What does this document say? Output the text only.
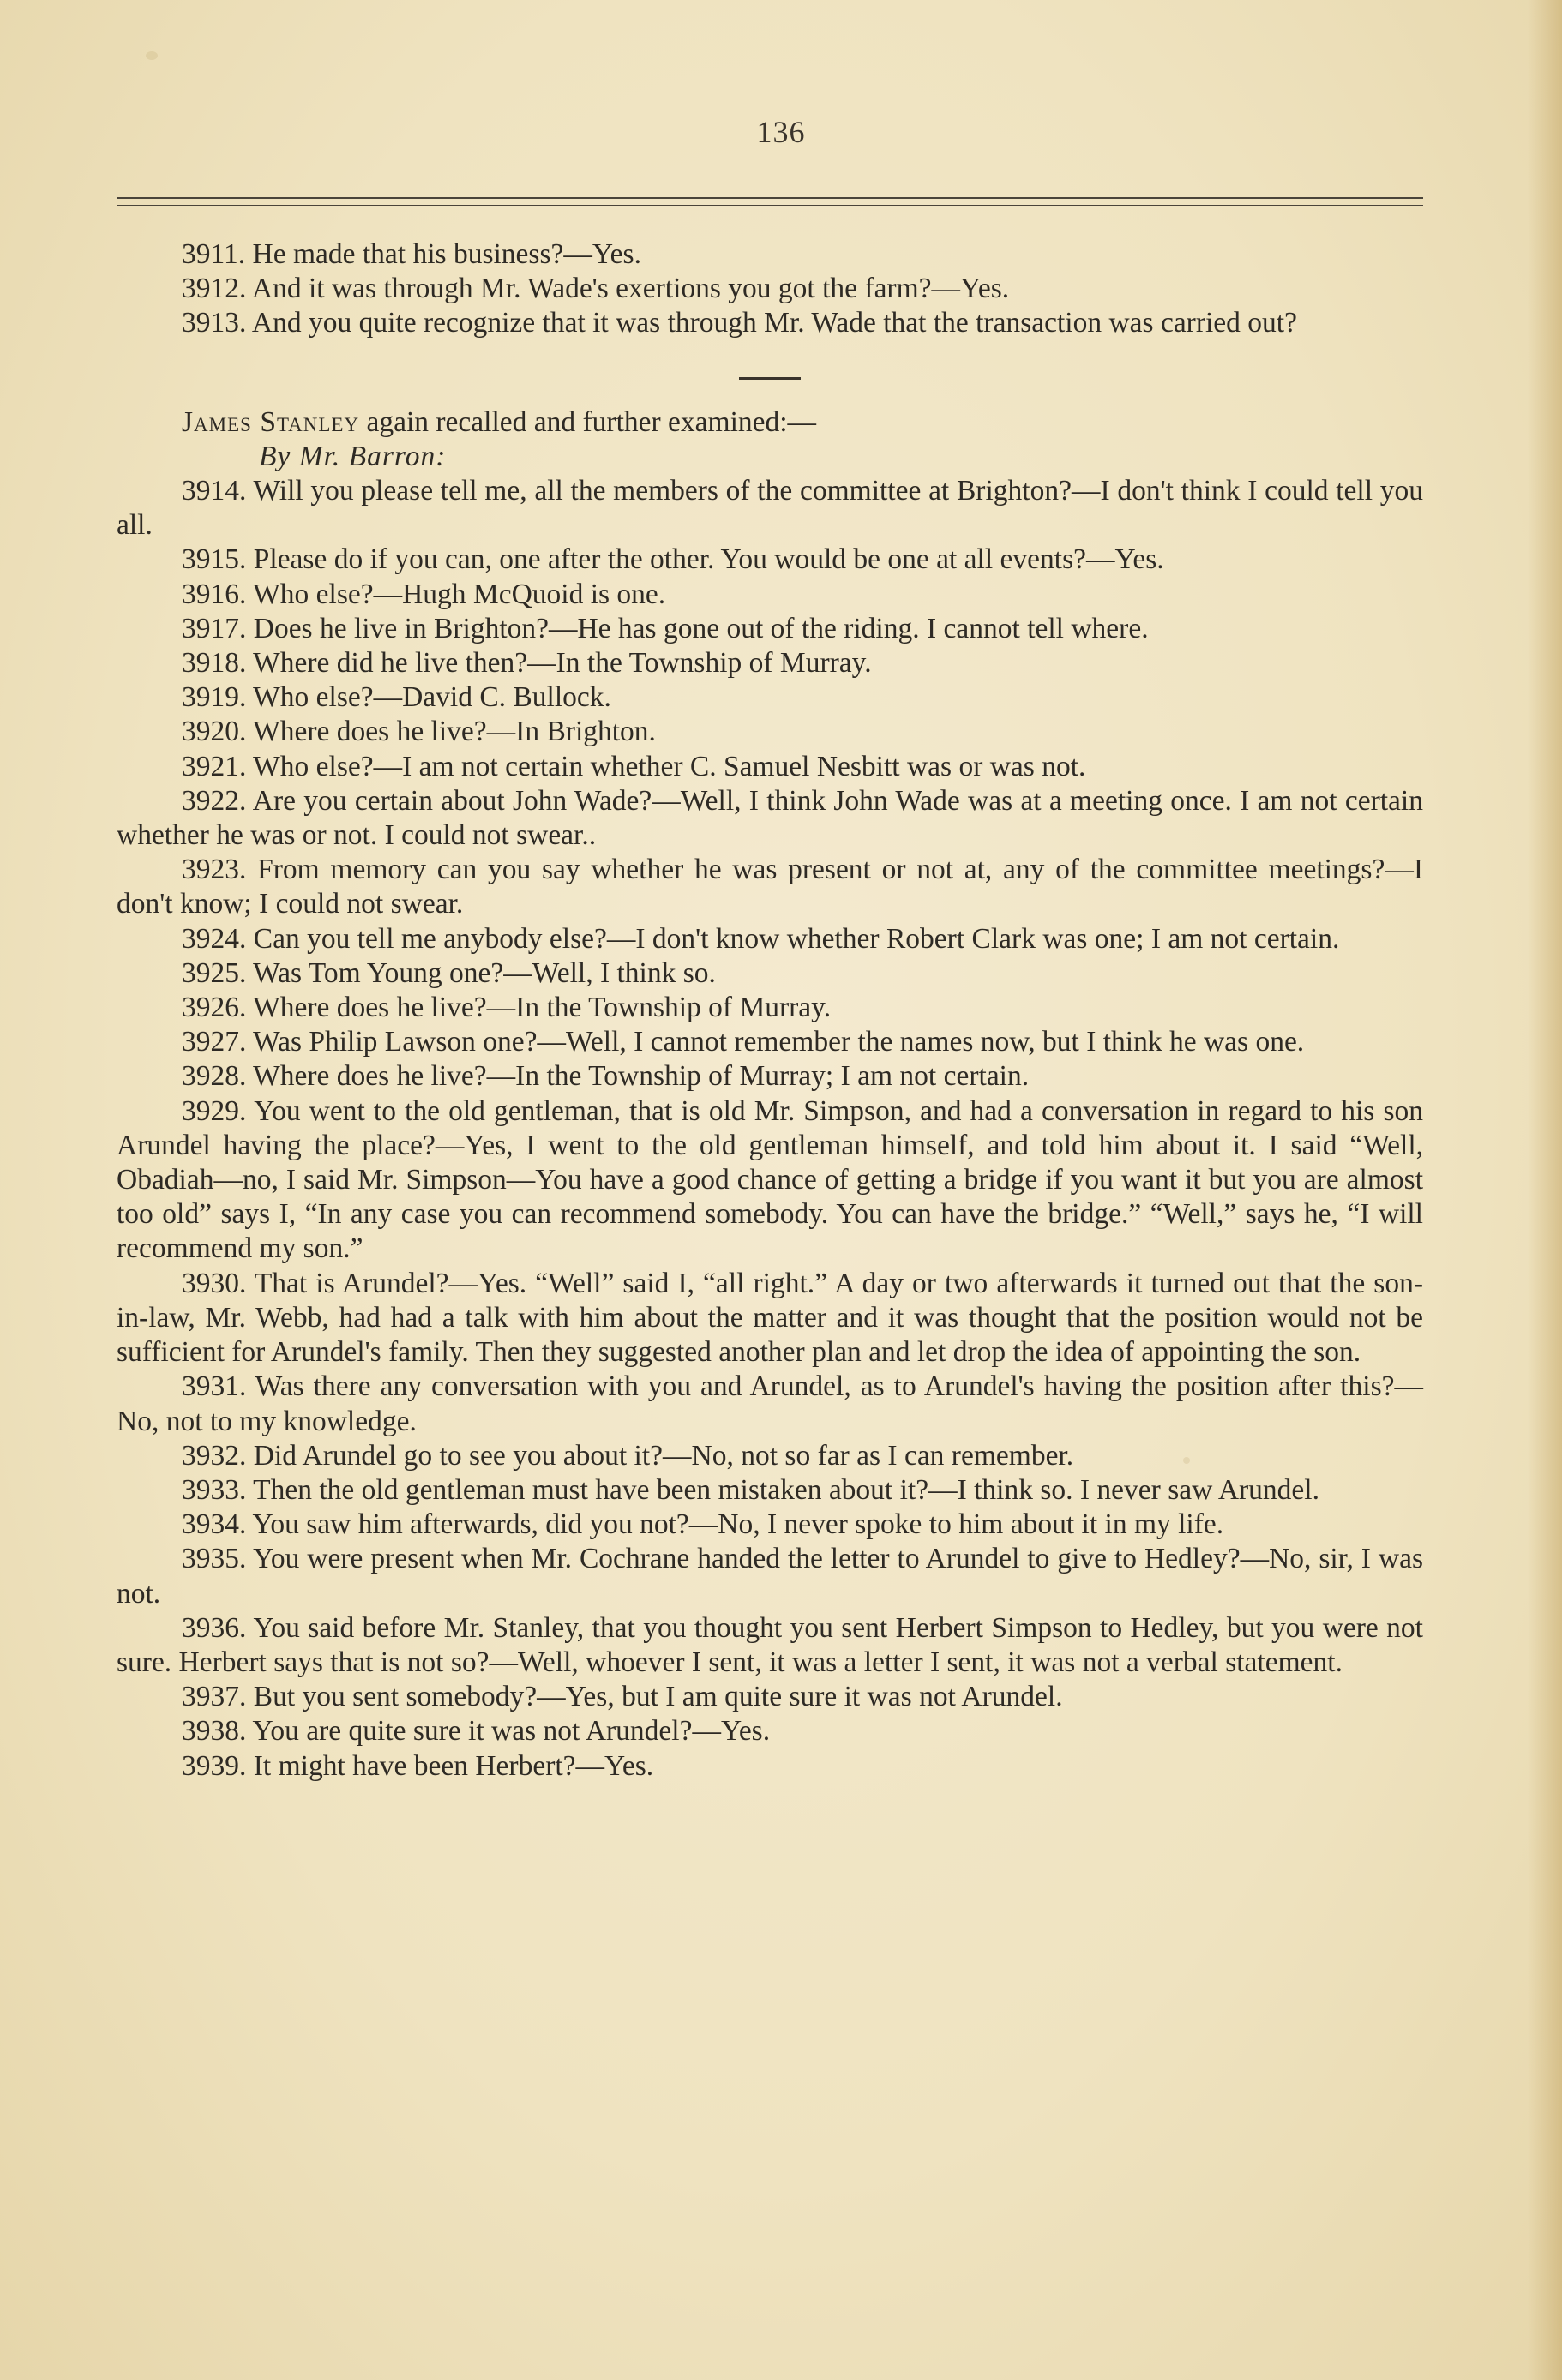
136

3911. He made that his business?—Yes.

3912. And it was through Mr. Wade's exertions you got the farm?—Yes.

3913. And you quite recognize that it was through Mr. Wade that the transaction was carried out?

James Stanley again recalled and further examined:—

By Mr. Barron:

3914. Will you please tell me, all the members of the committee at Brighton?—I don't think I could tell you all.

3915. Please do if you can, one after the other. You would be one at all events?—Yes.

3916. Who else?—Hugh McQuoid is one.

3917. Does he live in Brighton?—He has gone out of the riding. I cannot tell where.

3918. Where did he live then?—In the Township of Murray.

3919. Who else?—David C. Bullock.

3920. Where does he live?—In Brighton.

3921. Who else?—I am not certain whether C. Samuel Nesbitt was or was not.

3922. Are you certain about John Wade?—Well, I think John Wade was at a meeting once. I am not certain whether he was or not. I could not swear..

3923. From memory can you say whether he was present or not at, any of the committee meetings?—I don't know; I could not swear.

3924. Can you tell me anybody else?—I don't know whether Robert Clark was one; I am not certain.

3925. Was Tom Young one?—Well, I think so.

3926. Where does he live?—In the Township of Murray.

3927. Was Philip Lawson one?—Well, I cannot remember the names now, but I think he was one.

3928. Where does he live?—In the Township of Murray; I am not certain.

3929. You went to the old gentleman, that is old Mr. Simpson, and had a conversation in regard to his son Arundel having the place?—Yes, I went to the old gentleman himself, and told him about it. I said “Well, Obadiah—no, I said Mr. Simpson—You have a good chance of getting a bridge if you want it but you are almost too old” says I, “In any case you can recommend somebody. You can have the bridge.” “Well,” says he, “I will recommend my son.”

3930. That is Arundel?—Yes. “Well” said I, “all right.” A day or two afterwards it turned out that the son-in-law, Mr. Webb, had had a talk with him about the matter and it was thought that the position would not be sufficient for Arundel's family. Then they suggested another plan and let drop the idea of appointing the son.

3931. Was there any conversation with you and Arundel, as to Arundel's having the position after this?—No, not to my knowledge.

3932. Did Arundel go to see you about it?—No, not so far as I can remember.

3933. Then the old gentleman must have been mistaken about it?—I think so. I never saw Arundel.

3934. You saw him afterwards, did you not?—No, I never spoke to him about it in my life.

3935. You were present when Mr. Cochrane handed the letter to Arundel to give to Hedley?—No, sir, I was not.

3936. You said before Mr. Stanley, that you thought you sent Herbert Simpson to Hedley, but you were not sure. Herbert says that is not so?—Well, whoever I sent, it was a letter I sent, it was not a verbal statement.

3937. But you sent somebody?—Yes, but I am quite sure it was not Arundel.

3938. You are quite sure it was not Arundel?—Yes.

3939. It might have been Herbert?—Yes.
